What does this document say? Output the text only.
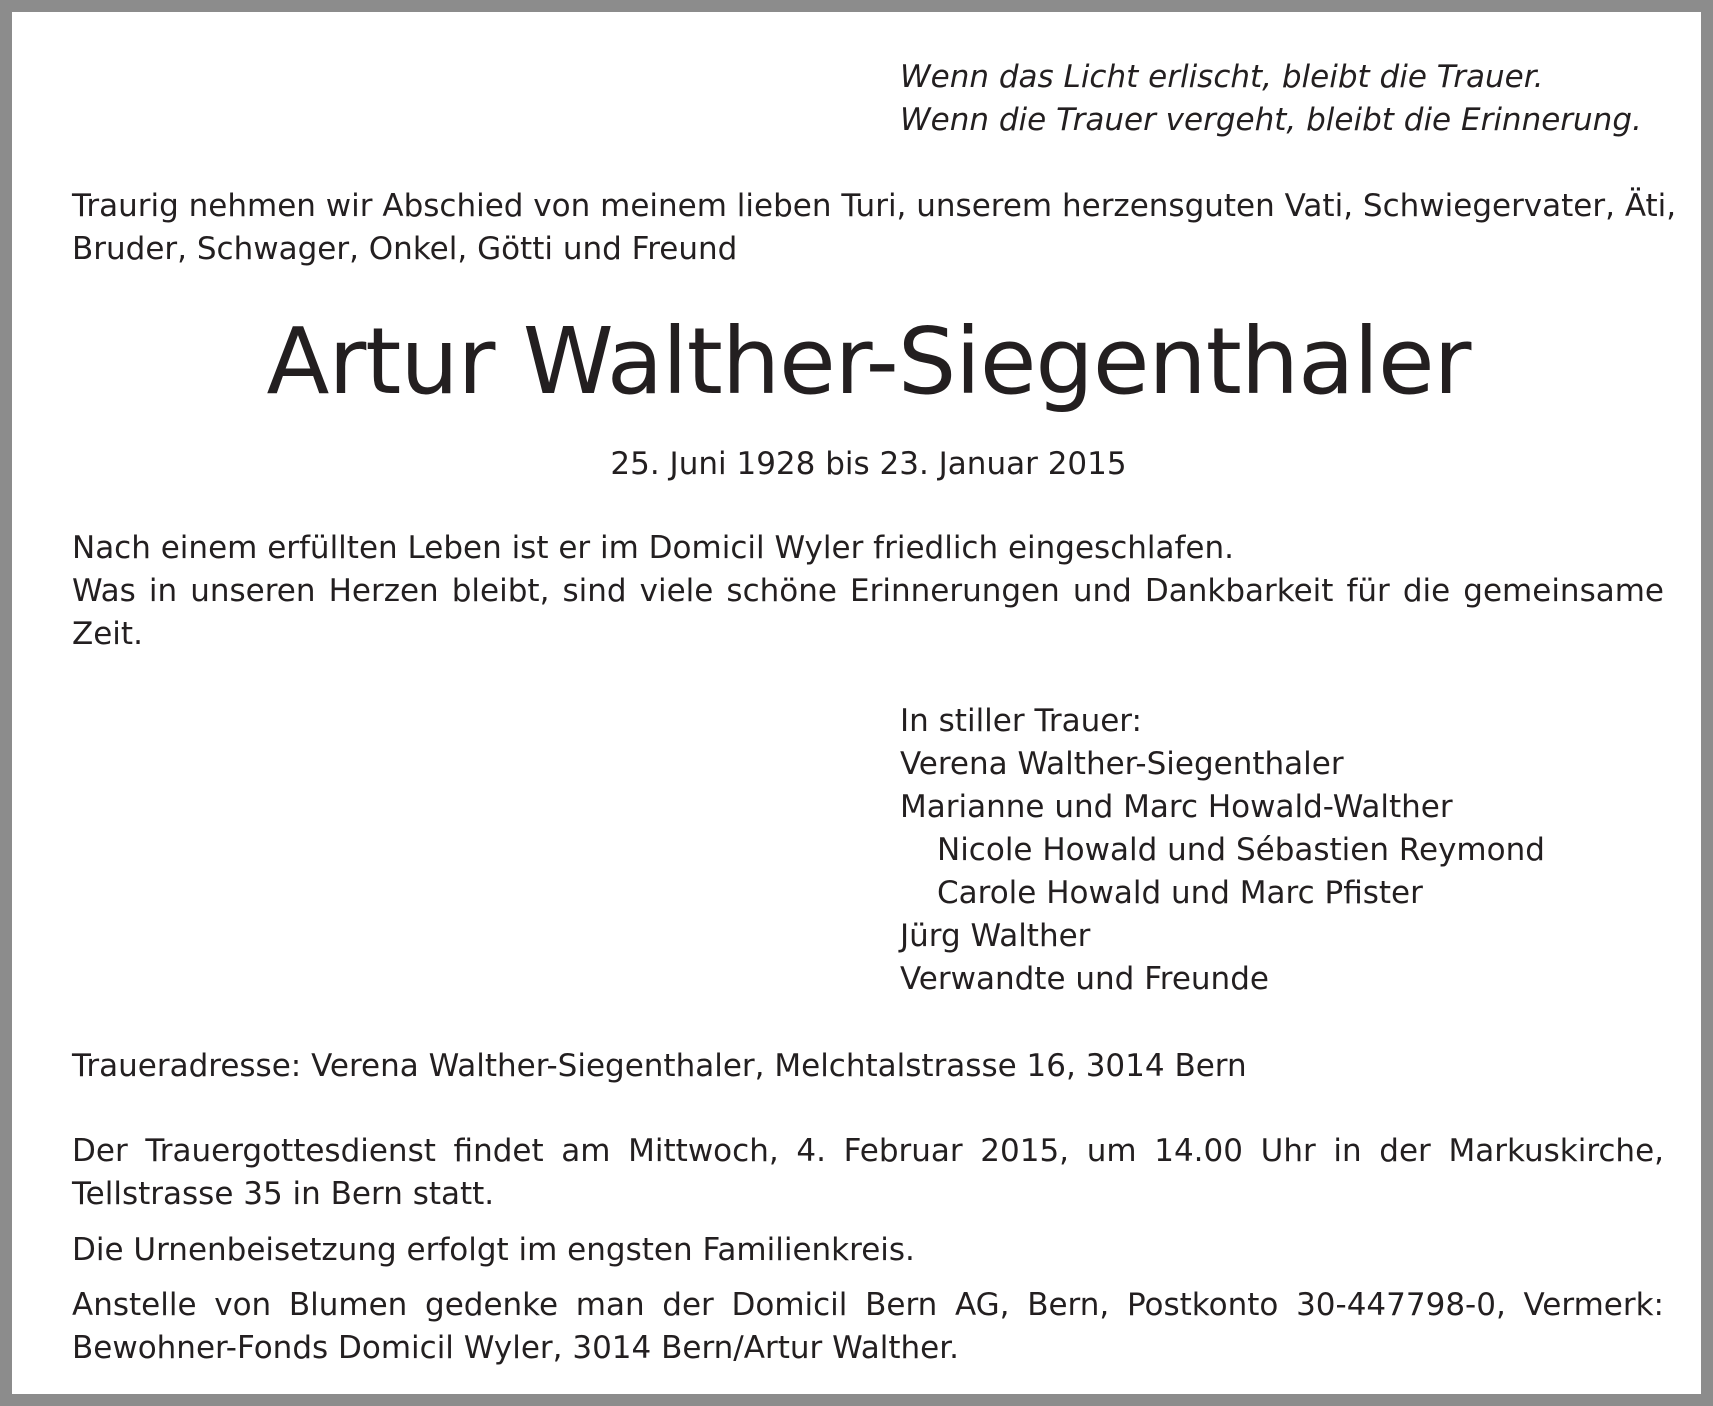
Wenn das Licht erlischt, bleibt die Trauer.
Wenn die Trauer vergeht, bleibt die Erinnerung.
Traurig nehmen wir Abschied von meinem lieben Turi, unserem herzensguten Vati, Schwiegervater, Äti,
Bruder, Schwager, Onkel, Götti und Freund
Artur Walther-Siegenthaler
25. Juni 1928 bis 23. Januar 2015
Nach einem erfüllten Leben ist er im Domicil Wyler friedlich eingeschlafen.
Was in unseren Herzen bleibt, sind viele schöne Erinnerungen und Dankbarkeit für die gemeinsame Zeit.
In stiller Trauer:
Verena Walther-Siegenthaler
Marianne und Marc Howald-Walther
Nicole Howald und Sébastien Reymond
Carole Howald und Marc Pfister
Jürg Walther
Verwandte und Freunde
Traueradresse: Verena Walther-Siegenthaler, Melchtalstrasse 16, 3014 Bern
Der Trauergottesdienst findet am Mittwoch, 4. Februar 2015, um 14.00 Uhr in der Markuskirche, Tellstrasse 35 in Bern statt.
Die Urnenbeisetzung erfolgt im engsten Familienkreis.
Anstelle von Blumen gedenke man der Domicil Bern AG, Bern, Postkonto 30-447798-0, Vermerk: Bewohner-Fonds Domicil Wyler, 3014 Bern/Artur Walther.
